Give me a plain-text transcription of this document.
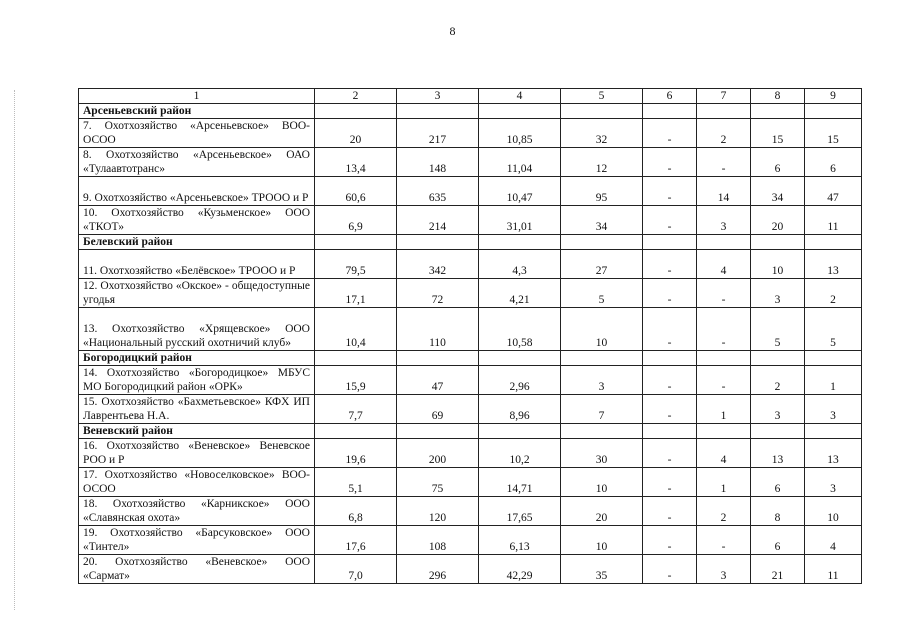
8
1	2	3	4	5	6	7	8	9
Арсеньевский район								
7. Охотхозяйство «Арсеньевское» ВОО-ОСОО	20	217	10,85	32	-	2	15	15
8. Охотхозяйство «Арсеньевское» ОАО «Тулаавтотранс»	13,4	148	11,04	12	-	-	6	6
9. Охотхозяйство «Арсеньевское» ТРООО и Р	60,6	635	10,47	95	-	14	34	47
10. Охотхозяйство «Кузьменское» ООО «ТКОТ»	6,9	214	31,01	34	-	3	20	11
Белевский район								
11. Охотхозяйство «Белёвское» ТРООО и Р	79,5	342	4,3	27	-	4	10	13
12. Охотхозяйство «Окское» - общедоступные угодья	17,1	72	4,21	5	-	-	3	2
13. Охотхозяйство «Хрящевское» ООО «Национальный русский охотничий клуб»	10,4	110	10,58	10	-	-	5	5
Богородицкий район								
14. Охотхозяйство «Богородицкое» МБУС МО Богородицкий район «ОРК»	15,9	47	2,96	3	-	-	2	1
15. Охотхозяйство «Бахметьевское» КФХ ИП Лаврентьева Н.А.	7,7	69	8,96	7	-	1	3	3
Веневский район								
16. Охотхозяйство «Веневское» Веневское РОО и Р	19,6	200	10,2	30	-	4	13	13
17. Охотхозяйство «Новоселковское» ВОО-ОСОО	5,1	75	14,71	10	-	1	6	3
18. Охотхозяйство «Карникское» ООО «Славянская охота»	6,8	120	17,65	20	-	2	8	10
19. Охотхозяйство «Барсуковское» ООО «Тинтел»	17,6	108	6,13	10	-	-	6	4
20. Охотхозяйство «Веневское» ООО «Сармат»	7,0	296	42,29	35	-	3	21	11
